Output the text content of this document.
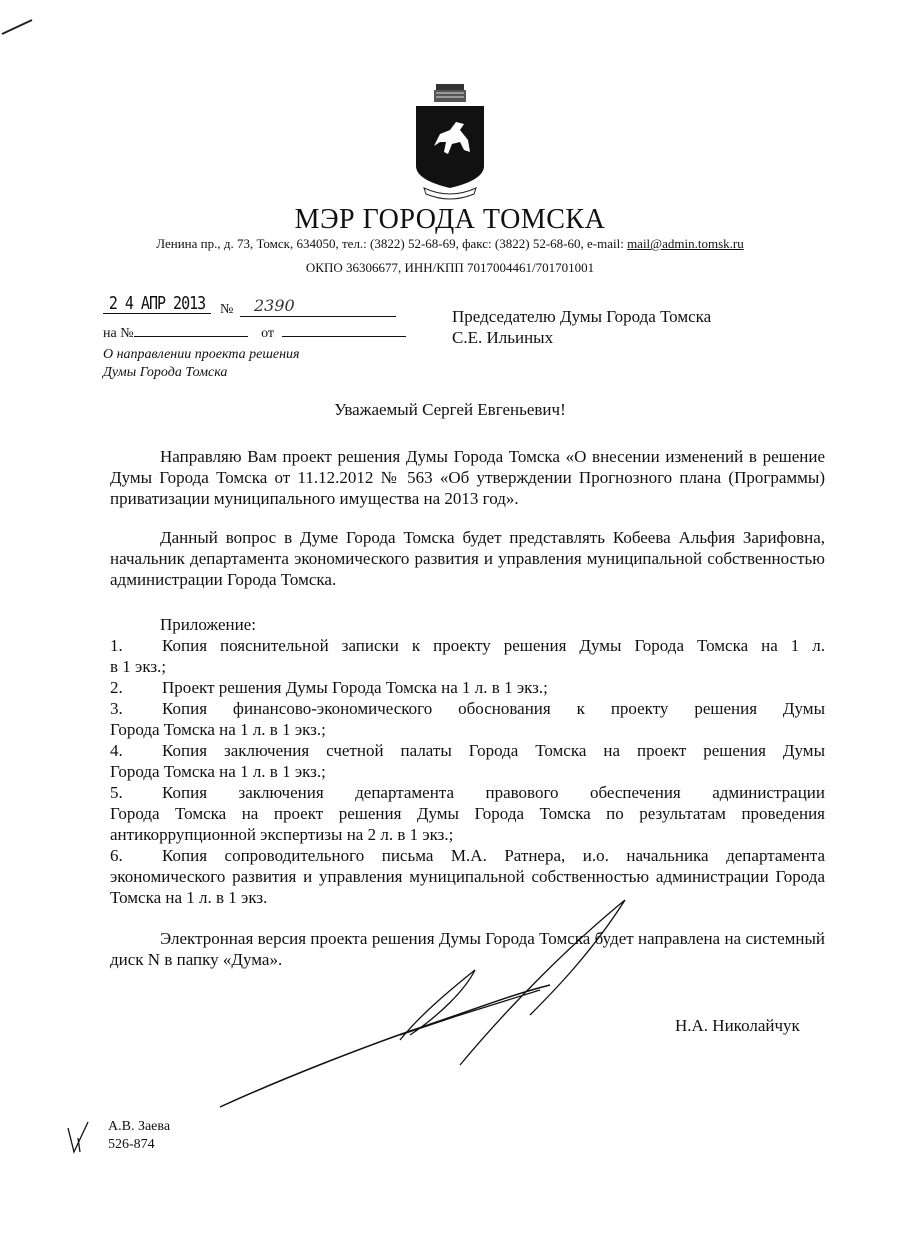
МЭР ГОРОДА ТОМСКА
Ленина пр., д. 73, Томск, 634050, тел.: (3822) 52-68-69, факс: (3822) 52-68-60, e-mail: mail@admin.tomsk.ru
ОКПО 36306677, ИНН/КПП 7017004461/701701001
2 4 АПР 2013	№	2390
на №	от
О направлении проекта решения
Думы Города Томска
Председателю Думы Города Томска
С.Е. Ильиных
Уважаемый Сергей Евгеньевич!

Направляю Вам проект решения Думы Города Томска «О внесении изменений в решение Думы Города Томска от 11.12.2012 № 563 «Об утверждении Прогнозного плана (Программы) приватизации муниципального имущества на 2013 год».

Данный вопрос в Думе Города Томска будет представлять Кобеева Альфия Зарифовна, начальник департамента экономического развития и управления муниципальной собственностью администрации Города Томска.

Приложение:
1.	Копия пояснительной записки к проекту решения Думы Города Томска на 1 л.
в 1 экз.;
2.	Проект решения Думы Города Томска на 1 л. в 1 экз.;
3.	Копия финансово-экономического обоснования к проекту решения Думы
Города Томска на 1 л. в 1 экз.;
4.	Копия заключения счетной палаты Города Томска на проект решения Думы
Города Томска на 1 л. в 1 экз.;
5.	Копия заключения департамента правового обеспечения администрации
Города Томска на проект решения Думы Города Томска по результатам проведения антикоррупционной экспертизы на 2 л. в 1 экз.;
6.	Копия сопроводительного письма М.А. Ратнера, и.о. начальника департамента
экономического развития и управления муниципальной собственностью администрации Города Томска на 1 л. в 1 экз.

Электронная версия проекта решения Думы Города Томска будет направлена на системный диск N в папку «Дума».

Н.А. Николайчук
А.В. Заева
526-874
